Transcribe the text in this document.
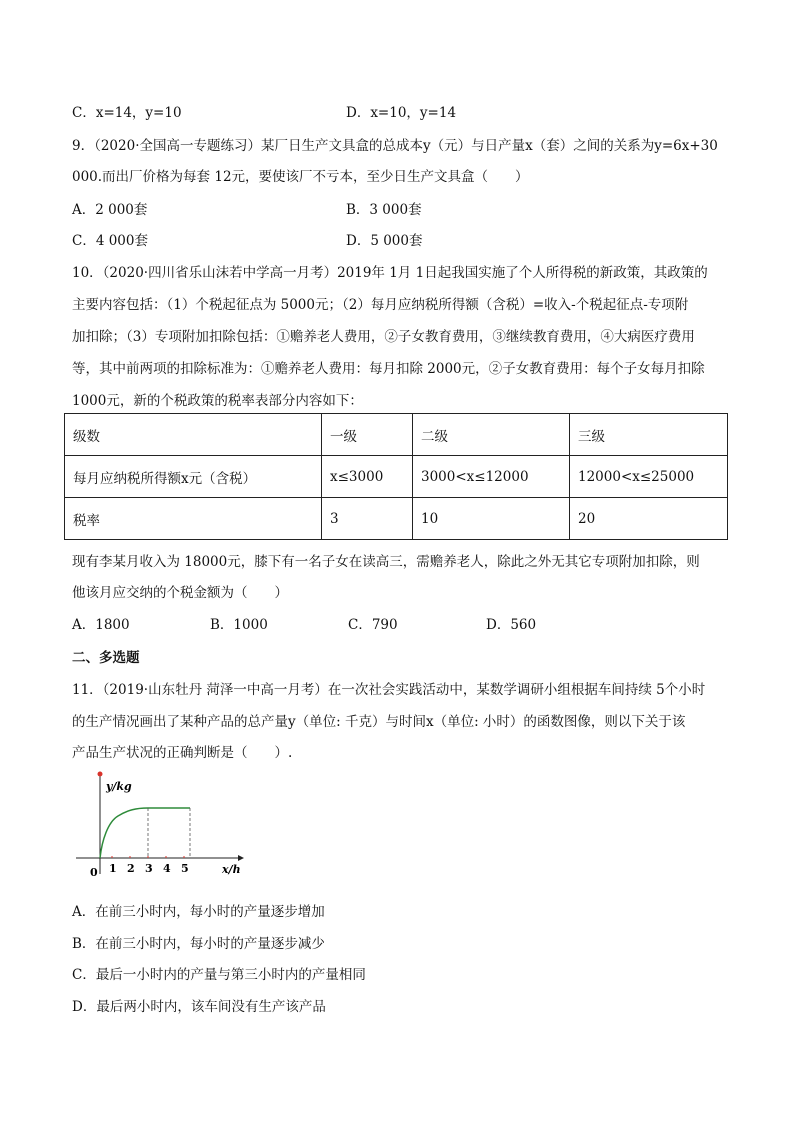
C．x=14，y=10	D．x=10，y=14
9．（2020·全国高一专题练习）某厂日生产文具盒的总成本y（元）与日产量x（套）之间的关系为y=6x+30
000.而出厂价格为每套 12元，要使该厂不亏本，至少日生产文具盒（　　）
A．2 000套	B．3 000套
C．4 000套	D．5 000套
10．（2020·四川省乐山沫若中学高一月考）2019年 1月 1日起我国实施了个人所得税的新政策，其政策的
主要内容包括：（1）个税起征点为 5000元；（2）每月应纳税所得额（含税）=收入-个税起征点-专项附
加扣除；（3）专项附加扣除包括：①赡养老人费用，②子女教育费用，③继续教育费用，④大病医疗费用
等，其中前两项的扣除标准为：①赡养老人费用：每月扣除 2000元，②子女教育费用：每个子女每月扣除
1000元，新的个税政策的税率表部分内容如下：
级数	一级	二级	三级
每月应纳税所得额x元（含税）	x≤3000	3000<x≤12000	12000<x≤25000
税率	3	10	20
现有李某月收入为 18000元，膝下有一名子女在读高三，需赡养老人，除此之外无其它专项附加扣除，则
他该月应交纳的个税金额为（　　）
A．1800	B．1000	C．790	D．560
二、多选题
11．（2019·山东牡丹 菏泽一中高一月考）在一次社会实践活动中，某数学调研小组根据车间持续 5个小时
的生产情况画出了某种产品的总产量y（单位: 千克）与时间x（单位: 小时）的函数图像，则以下关于该
产品生产状况的正确判断是（　　）.
y/kg
x/h
0 1 2 3 4 5
A．在前三小时内，每小时的产量逐步增加
B．在前三小时内，每小时的产量逐步减少
C．最后一小时内的产量与第三小时内的产量相同
D．最后两小时内，该车间没有生产该产品
